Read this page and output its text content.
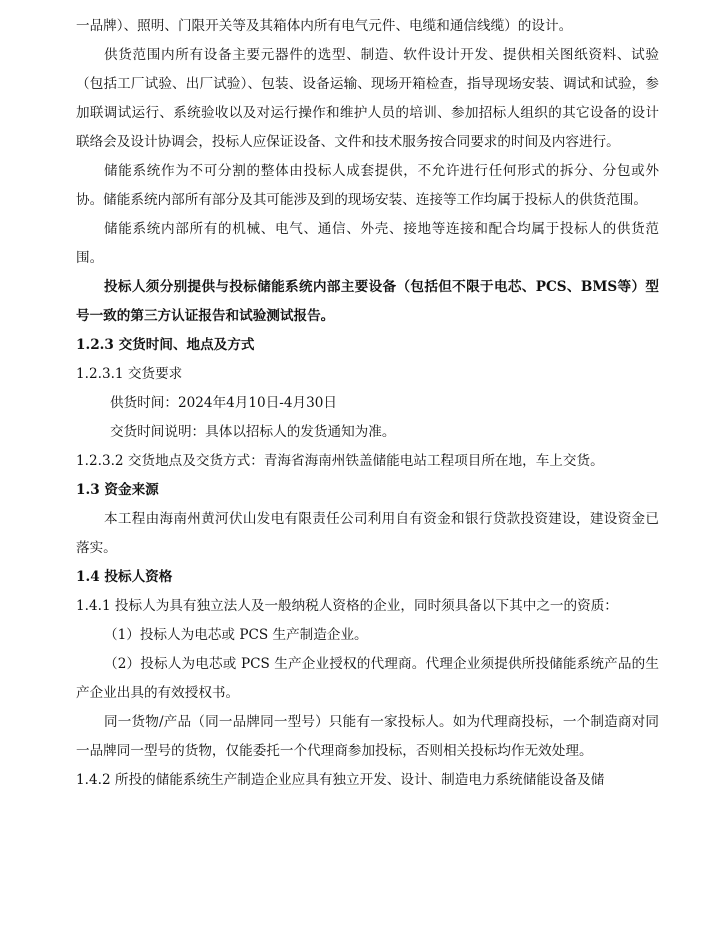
一品牌）、照明、门限开关等及其箱体内所有电气元件、电缆和通信线缆）的设计。

供货范围内所有设备主要元器件的选型、制造、软件设计开发、提供相关图纸资料、试验（包括工厂试验、出厂试验）、包装、设备运输、现场开箱检查，指导现场安装、调试和试验，参加联调试运行、系统验收以及对运行操作和维护人员的培训、参加招标人组织的其它设备的设计联络会及设计协调会，投标人应保证设备、文件和技术服务按合同要求的时间及内容进行。

储能系统作为不可分割的整体由投标人成套提供，不允许进行任何形式的拆分、分包或外协。储能系统内部所有部分及其可能涉及到的现场安装、连接等工作均属于投标人的供货范围。

储能系统内部所有的机械、电气、通信、外壳、接地等连接和配合均属于投标人的供货范围。

投标人须分别提供与投标储能系统内部主要设备（包括但不限于电芯、PCS、BMS等）型号一致的第三方认证报告和试验测试报告。

1.2.3 交货时间、地点及方式

1.2.3.1 交货要求

供货时间：2024年4月10日-4月30日

交货时间说明：具体以招标人的发货通知为准。

1.2.3.2 交货地点及交货方式：青海省海南州铁盖储能电站工程项目所在地，车上交货。

1.3 资金来源

本工程由海南州黄河伏山发电有限责任公司利用自有资金和银行贷款投资建设，建设资金已落实。

1.4 投标人资格

1.4.1 投标人为具有独立法人及一般纳税人资格的企业，同时须具备以下其中之一的资质：

（1）投标人为电芯或 PCS 生产制造企业。

（2）投标人为电芯或 PCS 生产企业授权的代理商。代理企业须提供所投储能系统产品的生产企业出具的有效授权书。

同一货物/产品（同一品牌同一型号）只能有一家投标人。如为代理商投标，一个制造商对同一品牌同一型号的货物，仅能委托一个代理商参加投标，否则相关投标均作无效处理。

1.4.2 所投的储能系统生产制造企业应具有独立开发、设计、制造电力系统储能设备及储
